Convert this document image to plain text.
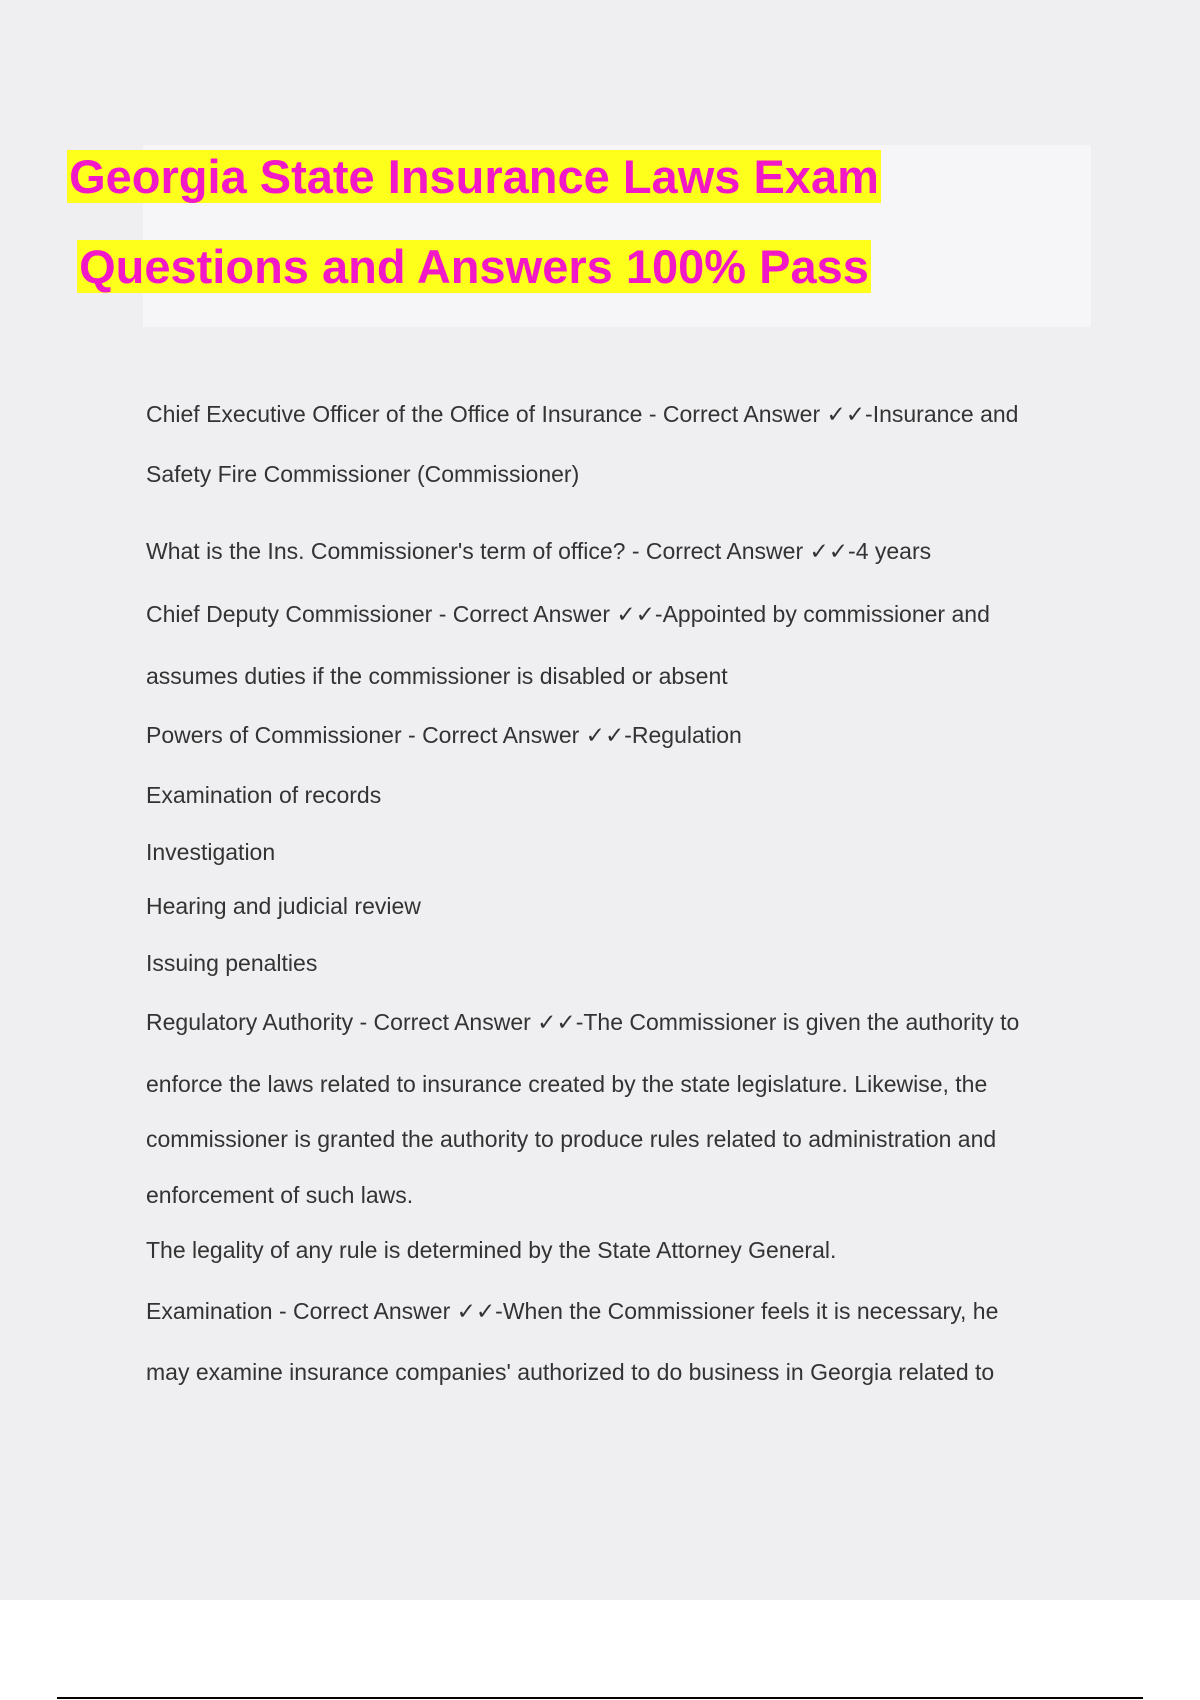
Georgia State Insurance Laws Exam
Questions and Answers 100% Pass
Chief Executive Officer of the Office of Insurance - Correct Answer ✓✓-Insurance and
Safety Fire Commissioner (Commissioner)
What is the Ins. Commissioner's term of office? - Correct Answer ✓✓-4 years
Chief Deputy Commissioner - Correct Answer ✓✓-Appointed by commissioner and
assumes duties if the commissioner is disabled or absent
Powers of Commissioner - Correct Answer ✓✓-Regulation
Examination of records
Investigation
Hearing and judicial review
Issuing penalties
Regulatory Authority - Correct Answer ✓✓-The Commissioner is given the authority to
enforce the laws related to insurance created by the state legislature. Likewise, the
commissioner is granted the authority to produce rules related to administration and
enforcement of such laws.
The legality of any rule is determined by the State Attorney General.
Examination - Correct Answer ✓✓-When the Commissioner feels it is necessary, he
may examine insurance companies' authorized to do business in Georgia related to
